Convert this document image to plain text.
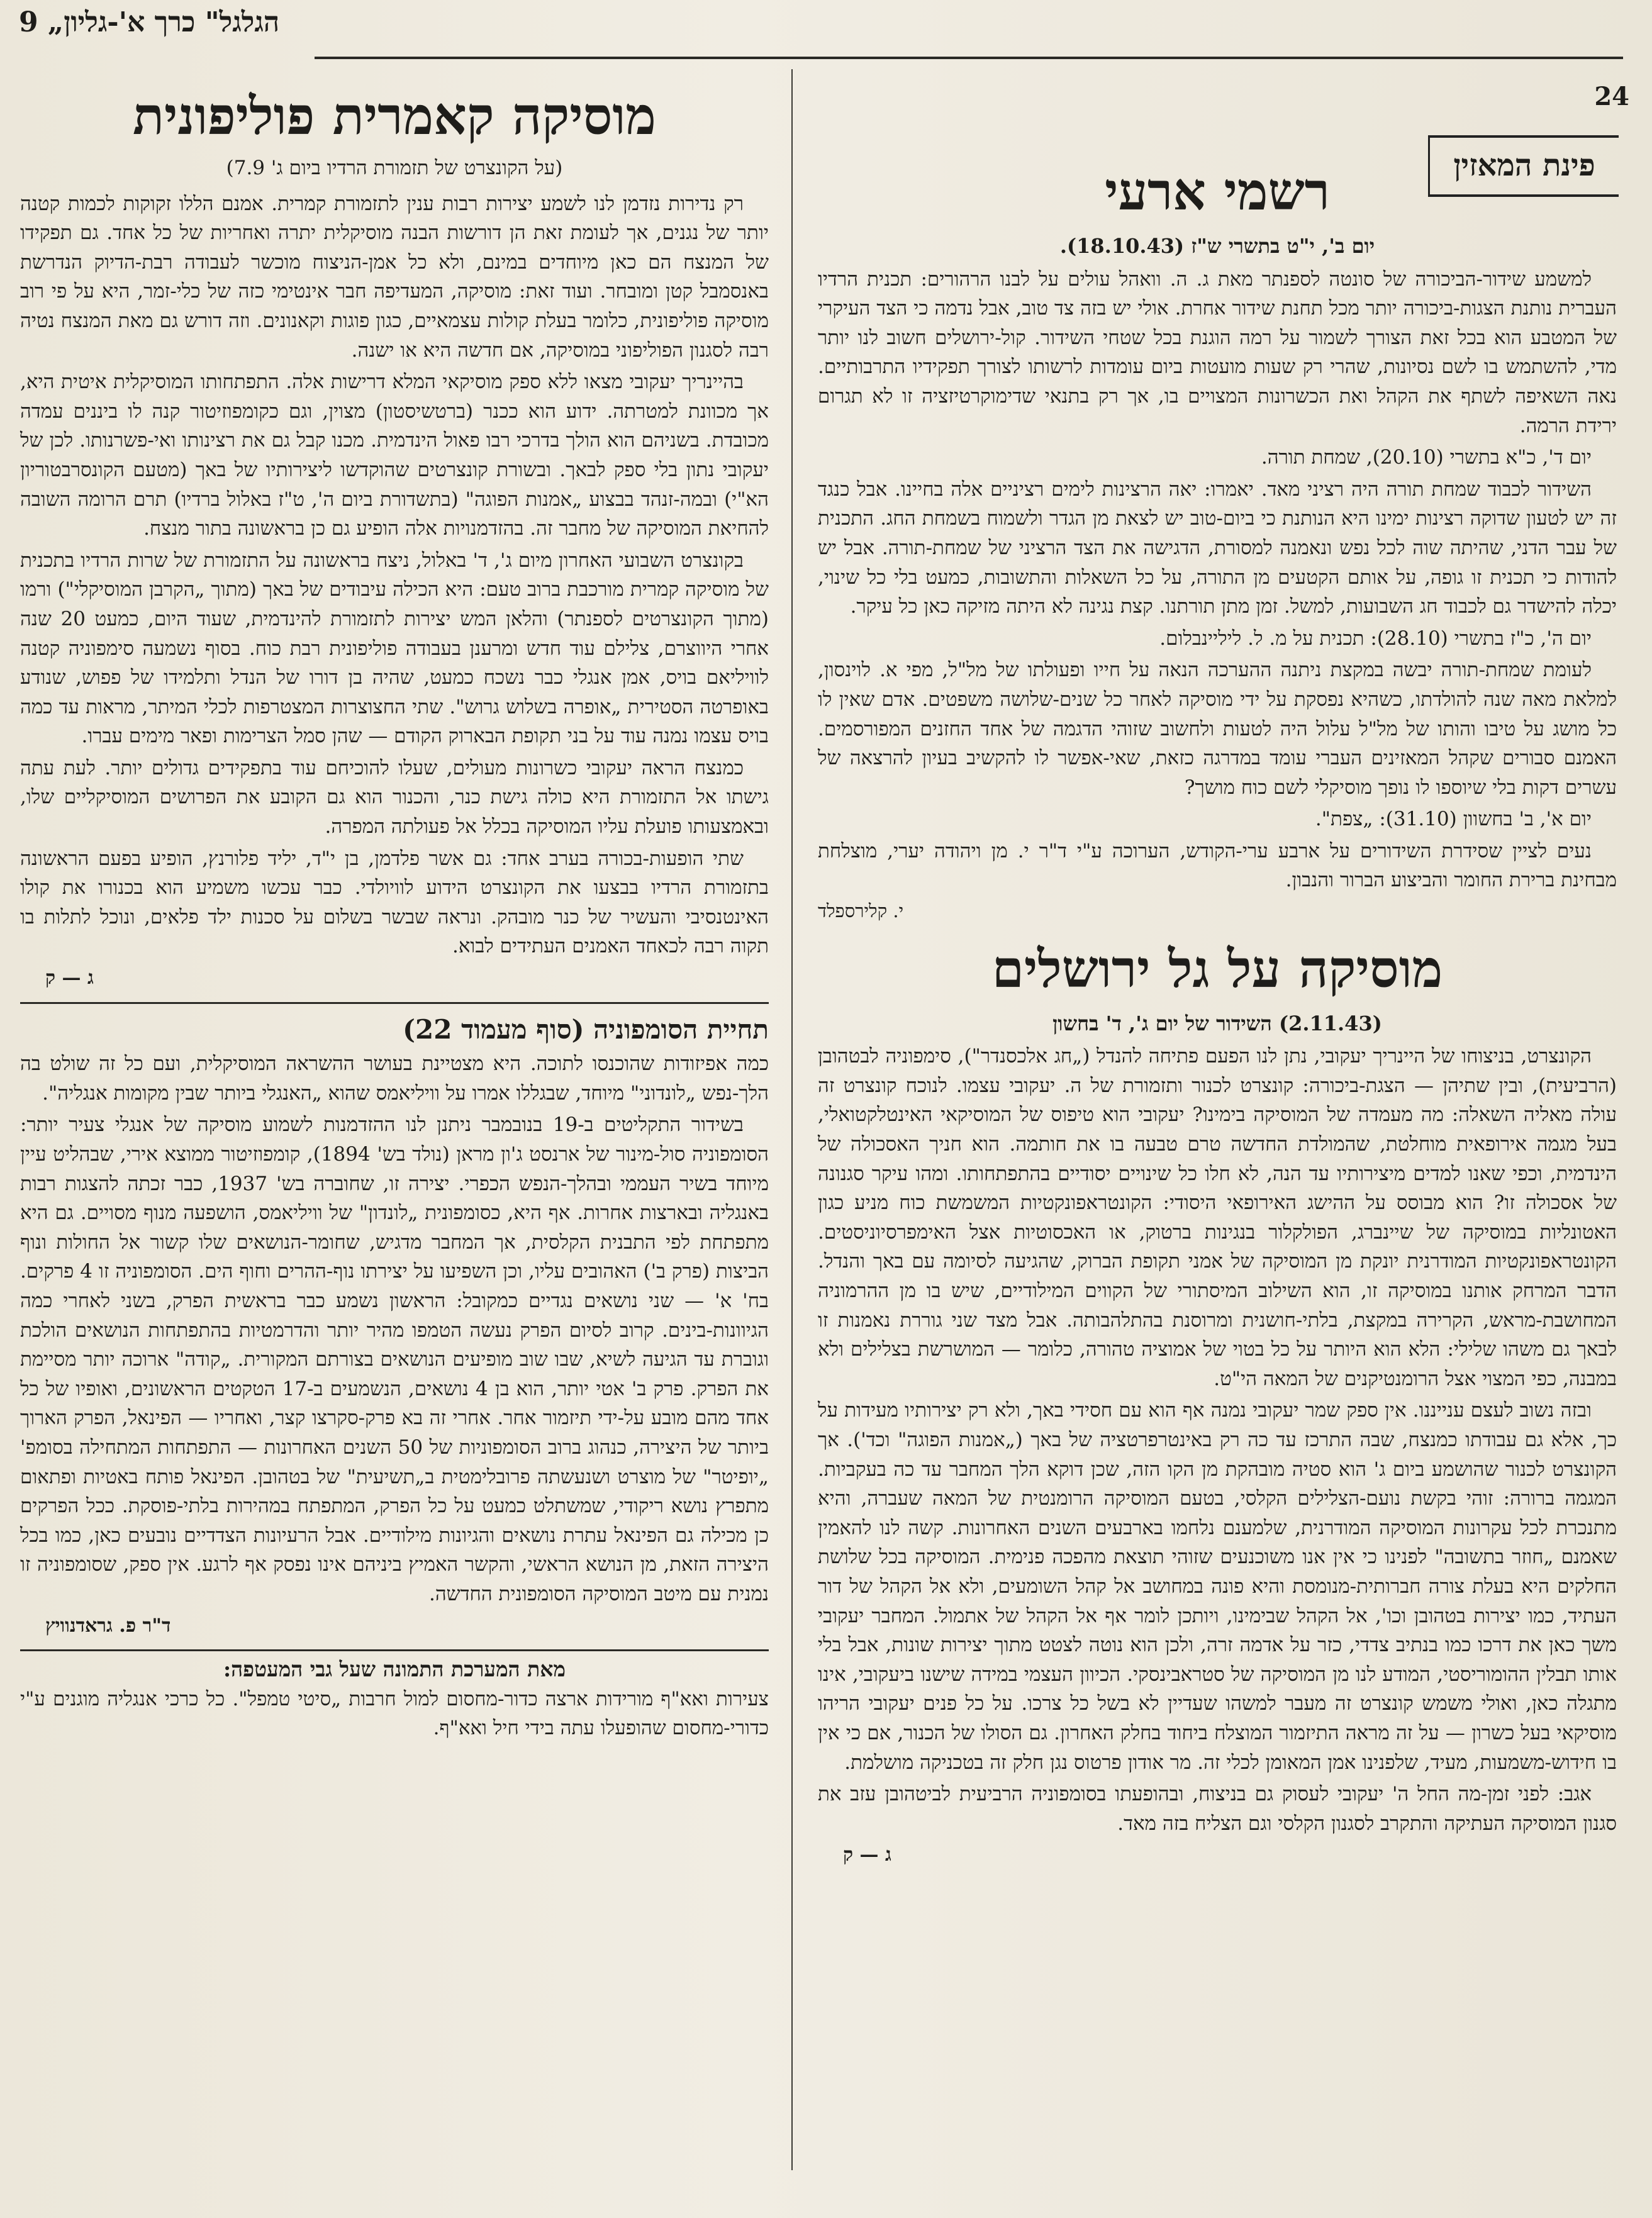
9 „הגלגל" כרך א'-גליון
24
פינת המאזין
מוסיקה קאמרית פוליפונית
(על הקונצרט של תזמורת הרדיו ביום ג' 7.9)

רק נדירות נזדמן לנו לשמע יצירות רבות ענין לתזמורת קמרית. אמנם הללו זקוקות לכמות קטנה יותר של נגנים, אך לעומת זאת הן דורשות הבנה מוסיקלית יתרה ואחריות של כל אחד. גם תפקידו של המנצח הם כאן מיוחדים במינם, ולא כל אמן-הניצוח מוכשר לעבודה רבת-הדיוק הנדרשת באנסמבל קטן ומובחר. ועוד זאת: מוסיקה, המעדיפה חבר אינטימי כזה של כלי-זמר, היא על פי רוב מוסיקה פוליפונית, כלומר בעלת קולות עצמאיים, כגון פוגות וקאנונים. וזה דורש גם מאת המנצח נטיה רבה לסגנון הפוליפוני במוסיקה, אם חדשה היא או ישנה.

בהיינריך יעקובי מצאו ללא ספק מוסיקאי המלא דרישות אלה. התפתחותו המוסיקלית איטית היא, אך מכוונת למטרתה. ידוע הוא ככנר (ברטשיסטון) מצוין, וגם כקומפוזיטור קנה לו ביננים עמדה מכובדת. בשניהם הוא הולך בדרכי רבו פאול הינדמית. מכנו קבל גם את רצינותו ואי-פשרנותו. לכן של יעקובי נתון בלי ספק לבאך. ובשורת קונצרטים שהוקדשו ליצירותיו של באך (מטעם הקונסרבטוריון הא"י) ובמה-זנהד בבצוע „אמנות הפוגה" (בתשדורת ביום ה', ט"ז באלול ברדיו) תרם הרומה השובה להחיאת המוסיקה של מחבר זה. בהזדמנויות אלה הופיע גם כן בראשונה בתור מנצח.

בקונצרט השבועי האחרון מיום ג', ד' באלול, ניצח בראשונה על התזמורת של שרות הרדיו בתכנית של מוסיקה קמרית מורכבת ברוב טעם: היא הכילה עיבודים של באך (מתוך „הקרבן המוסיקלי") ורמו (מתוך הקונצרטים לספנתר) והלאן המש יצירות לתזמורת להינדמית, שעוד היום, כמעט 20 שנה אחרי היווצרם, צלילם עוד חדש ומרענן בעבודה פוליפונית רבת כוח. בסוף נשמעה סימפוניה קטנה לוויליאם בויס, אמן אנגלי כבר נשכח כמעט, שהיה בן דורו של הנדל ותלמידו של פפוש, שנודע באופרטה הסטירית „אופרה בשלוש גרוש". שתי החצוצרות המצטרפות לכלי המיתר, מראות עד כמה בויס עצמו נמנה עוד על בני תקופת הבארוק הקודם — שהן סמל הצרימות ופאר מימים עברו.

כמנצח הראה יעקובי כשרונות מעולים, שעלו להוכיחם עוד בתפקידים גדולים יותר. לעת עתה גישתו אל התזמורת היא כולה גישת כנר, והכנור הוא גם הקובע את הפרושים המוסיקליים שלו, ובאמצעותו פועלת עליו המוסיקה בכלל אל פעולתה המפרה.

שתי הופעות-בכורה בערב אחד: גם אשר פלדמן, בן י"ד, יליד פלורנץ, הופיע בפעם הראשונה בתזמורת הרדיו בבצעו את הקונצרט הידוע לוויולדי. כבר עכשו משמיע הוא בכנורו את קולו האינטנסיבי והעשיר של כנר מובהק. ונראה שבשר בשלום על סכנות ילד פלאים, ונוכל לתלות בו תקוה רבה לכאחד האמנים העתידים לבוא.

ג — ק
תחיית הסומפוניה (סוף מעמוד 22)

כמה אפיזודות שהוכנסו לתוכה. היא מצטיינת בעושר ההשראה המוסיקלית, ועם כל זה שולט בה הלך-נפש „לונדוני" מיוחד, שבגללו אמרו על וויליאמס שהוא „האנגלי ביותר שבין מקומות אנגליה".

בשידור התקליטים ב-19 בנובמבר ניתנן לנו ההזדמנות לשמוע מוסיקה של אנגלי צעיר יותר: הסומפוניה סול-מינור של ארנסט ג'ון מראן (נולד בש' 1894), קומפוזיטור ממוצא אירי, שבהליט עיין מיוחד בשיר העממי ובהלך-הנפש הכפרי. יצירה זו, שחוברה בש' 1937, כבר זכתה להצגות רבות באנגליה ובארצות אחרות. אף היא, כסומפונית „לונדון" של וויליאמס, הושפעה מנוף מסויים. גם היא מתפתחת לפי התבנית הקלסית, אך המחבר מדגיש, שחומר-הנושאים שלו קשור אל החולות ונוף הביצות (פרק ב') האהובים עליו, וכן השפיעו על יצירתו נוף-ההרים וחוף הים. הסומפוניה זו 4 פרקים. בח' א' — שני נושאים נגדיים כמקובל: הראשון נשמע כבר בראשית הפרק, בשני לאחרי כמה הגיוונות-בינים. קרוב לסיום הפרק נעשה הטמפו מהיר יותר והדרמטיות בהתפתחות הנושאים הולכת וגוברת עד הגיעה לשיא, שבו שוב מופיעים הנושאים בצורתם המקורית. „קודה" ארוכה יותר מסיימת את הפרק. פרק ב' אטי יותר, הוא בן 4 נושאים, הנשמעים ב-17 הטקטים הראשונים, ואופיו של כל אחד מהם מובע על-ידי תיזמור אחר. אחרי זה בא פרק-סקרצו קצר, ואחריו — הפינאל, הפרק הארוך ביותר של היצירה, כנהוג ברוב הסומפוניות של 50 השנים האחרונות — התפתחות המתחילה בסומפ' „יופיטר" של מוצרט ושנעשתה פרובלימטית ב„תשיעית" של בטהובן. הפינאל פותח באטיות ופתאום מתפרץ נושא ריקודי, שמשתלט כמעט על כל הפרק, המתפתח במהירות בלתי-פוסקת. ככל הפרקים כן מכילה גם הפינאל עתרת נושאים והגיונות מילודיים. אבל הרעיונות הצדדיים נובעים כאן, כמו בכל היצירה הזאת, מן הנושא הראשי, והקשר האמיץ ביניהם אינו נפסק אף לרגע. אין ספק, שסומפוניה זו נמנית עם מיטב המוסיקה הסומפונית החדשה.

ד"ר פ. גראדנוויץ
מאת המערכת התמונה שעל גבי המעטפה:
צעירות ואא"ף מורידות ארצה כדור-מחסום למול חרבות „סיטי טמפל". כל כרכי אנגליה מוגנים ע"י כדורי-מחסום שהופעלו עתה בידי חיל ואא"ף.
רשמי ארעי
יום ב', י"ט בתשרי ש"ז (18.10.43).

למשמע שידור-הביכורה של סונטה לספנתר מאת ג. ה. וואהל עולים על לבנו הרהורים: תכנית הרדיו העברית נותנת הצגות-ביכורה יותר מכל תחנת שידור אחרת. אולי יש בזה צד טוב, אבל נדמה כי הצד העיקרי של המטבע הוא בכל זאת הצורך לשמור על רמה הוגנת בכל שטחי השידור. קול-ירושלים חשוב לנו יותר מדי, להשתמש בו לשם נסיונות, שהרי רק שעות מועטות ביום עומדות לרשותו לצורך תפקידיו התרבותיים. נאה השאיפה לשתף את הקהל ואת הכשרונות המצויים בו, אך רק בתנאי שדימוקרטיזציה זו לא תגרום ירידת הרמה.

יום ד', כ"א בתשרי (20.10), שמחת תורה.

השידור לכבוד שמחת תורה היה רציני מאד. יאמרו: יאה הרצינות לימים רציניים אלה בחיינו. אבל כנגד זה יש לטעון שדוקה רצינות ימינו היא הנותנת כי ביום-טוב יש לצאת מן הגדר ולשמוח בשמחת החג. התכנית של עבר הדני, שהיתה שוה לכל נפש ונאמנה למסורת, הדגישה את הצד הרציני של שמחת-תורה. אבל יש להודות כי תכנית זו גופה, על אותם הקטעים מן התורה, על כל השאלות והתשובות, כמעט בלי כל שינוי, יכלה להישדר גם לכבוד חג השבועות, למשל. זמן מתן תורתנו. קצת נגינה לא היתה מזיקה כאן כל עיקר.

יום ה', כ"ז בתשרי (28.10): תכנית על מ. ל. ליליינבלום.

לעומת שמחת-תורה יבשה במקצת ניתנה ההערכה הנאה על חייו ופעולתו של מל"ל, מפי א. לוינסון, למלאת מאה שנה להולדתו, כשהיא נפסקת על ידי מוסיקה לאחר כל שנים-שלושה משפטים. אדם שאין לו כל מושג על טיבו והותו של מל"ל עלול היה לטעות ולחשוב שזוהי הדגמה של אחד החזנים המפורסמים. האמנם סבורים שקהל המאזינים העברי עומד במדרגה כזאת, שאי-אפשר לו להקשיב בעיון להרצאה של עשרים דקות בלי שיוספו לו נופך מוסיקלי לשם כוח מושך?

יום א', ב' בחשוון (31.10): „צפת".

נעים לציין שסידרת השידורים על ארבע ערי-הקודש, הערוכה ע"י ד"ר י. מן ויהודה יערי, מוצלחת מבחינת ברירת החומר והביצוע הברור והנבון.

י. קלירספלד
מוסיקה על גל ירושלים
(2.11.43) השידור של יום ג', ד' בחשון

הקונצרט, בניצוחו של היינריך יעקובי, נתן לנו הפעם פתיחה להנדל („חג אלכסנדר"), סימפוניה לבטהובן (הרביעית), ובין שתיהן — הצגת-ביכורה: קונצרט לכנור ותזמורת של ה. יעקובי עצמו. לנוכח קונצרט זה עולה מאליה השאלה: מה מעמדה של המוסיקה בימינו? יעקובי הוא טיפוס של המוסיקאי האינטלקטואלי, בעל מגמה אירופאית מוחלטת, שהמולדת החדשה טרם טבעה בו את חותמה. הוא חניך האסכולה של הינדמית, וכפי שאנו למדים מיצירותיו עד הנה, לא חלו כל שינויים יסודיים בהתפתחותו. ומהו עיקר סגנונה של אסכולה זו? הוא מבוסס על ההישג האירופאי היסודי: הקונטראפונקטיות המשמשת כוח מניע כגון האטונליות במוסיקה של שיינברג, הפולקלור בנגינות ברטוק, או האכסוטיות אצל האימפרסיוניסטים. הקונטראפונקטיות המודרנית יונקת מן המוסיקה של אמני תקופת הברוק, שהגיעה לסיומה עם באך והנדל. הדבר המרחק אותנו במוסיקה זו, הוא השילוב המיסתורי של הקווים המילודיים, שיש בו מן ההרמוניה המחושבת-מראש, הקרירה במקצת, בלתי-חושנית ומרוסנת בהתלהבותה. אבל מצד שני גוררת נאמנות זו לבאך גם משהו שלילי: הלא הוא היותר על כל בטוי של אמוציה טהורה, כלומר — המושרשת בצלילים ולא במבנה, כפי המצוי אצל הרומנטיקנים של המאה הי"ט.

ובזה נשוב לעצם ענייננו. אין ספק שמר יעקובי נמנה אף הוא עם חסידי באך, ולא רק יצירותיו מעידות על כך, אלא גם עבודתו כמנצח, שבה התרכז עד כה רק באינטרפרטציה של באך („אמנות הפוגה" וכד'). אך הקונצרט לכנור שהושמע ביום ג' הוא סטיה מובהקת מן הקו הזה, שכן דוקא הלך המחבר עד כה בעקביות. המגמה ברורה: זוהי בקשת נועם-הצלילים הקלסי, בטעם המוסיקה הרומנטית של המאה שעברה, והיא מתנכרת לכל עקרונות המוסיקה המודרנית, שלמענם נלחמו בארבעים השנים האחרונות. קשה לנו להאמין שאמנם „חוזר בתשובה" לפנינו כי אין אנו משוכנעים שזוהי תוצאת מהפכה פנימית. המוסיקה בכל שלושת החלקים היא בעלת צורה חברותית-מנומסת והיא פונה במחושב אל קהל השומעים, ולא אל הקהל של דור העתיד, כמו יצירות בטהובן וכו', אל הקהל שבימינו, ויותכן לומר אף אל הקהל של אתמול. המחבר יעקובי משך כאן את דרכו כמו בנתיב צדדי, כזר על אדמה זרה, ולכן הוא נוטה לצטט מתוך יצירות שונות, אבל בלי אותו תבלין ההומוריסטי, המודע לנו מן המוסיקה של סטראבינסקי. הכיוון העצמי במידה שישנו ביעקובי, אינו מתגלה כאן, ואולי משמש קונצרט זה מעבר למשהו שעדיין לא בשל כל צרכו. על כל פנים יעקובי הריהו מוסיקאי בעל כשרון — על זה מראה התיזמור המוצלח ביחוד בחלק האחרון. גם הסולו של הכנור, אם כי אין בו חידוש-משמעות, מעיד, שלפנינו אמן המאומן לכלי זה. מר אודון פרטוס נגן חלק זה בטכניקה מושלמת.

אגב: לפני זמן-מה החל ה' יעקובי לעסוק גם בניצוח, ובהופעתו בסומפוניה הרביעית לביטהובן עזב את סגנון המוסיקה העתיקה והתקרב לסגנון הקלסי וגם הצליח בזה מאד.

ג — ק
